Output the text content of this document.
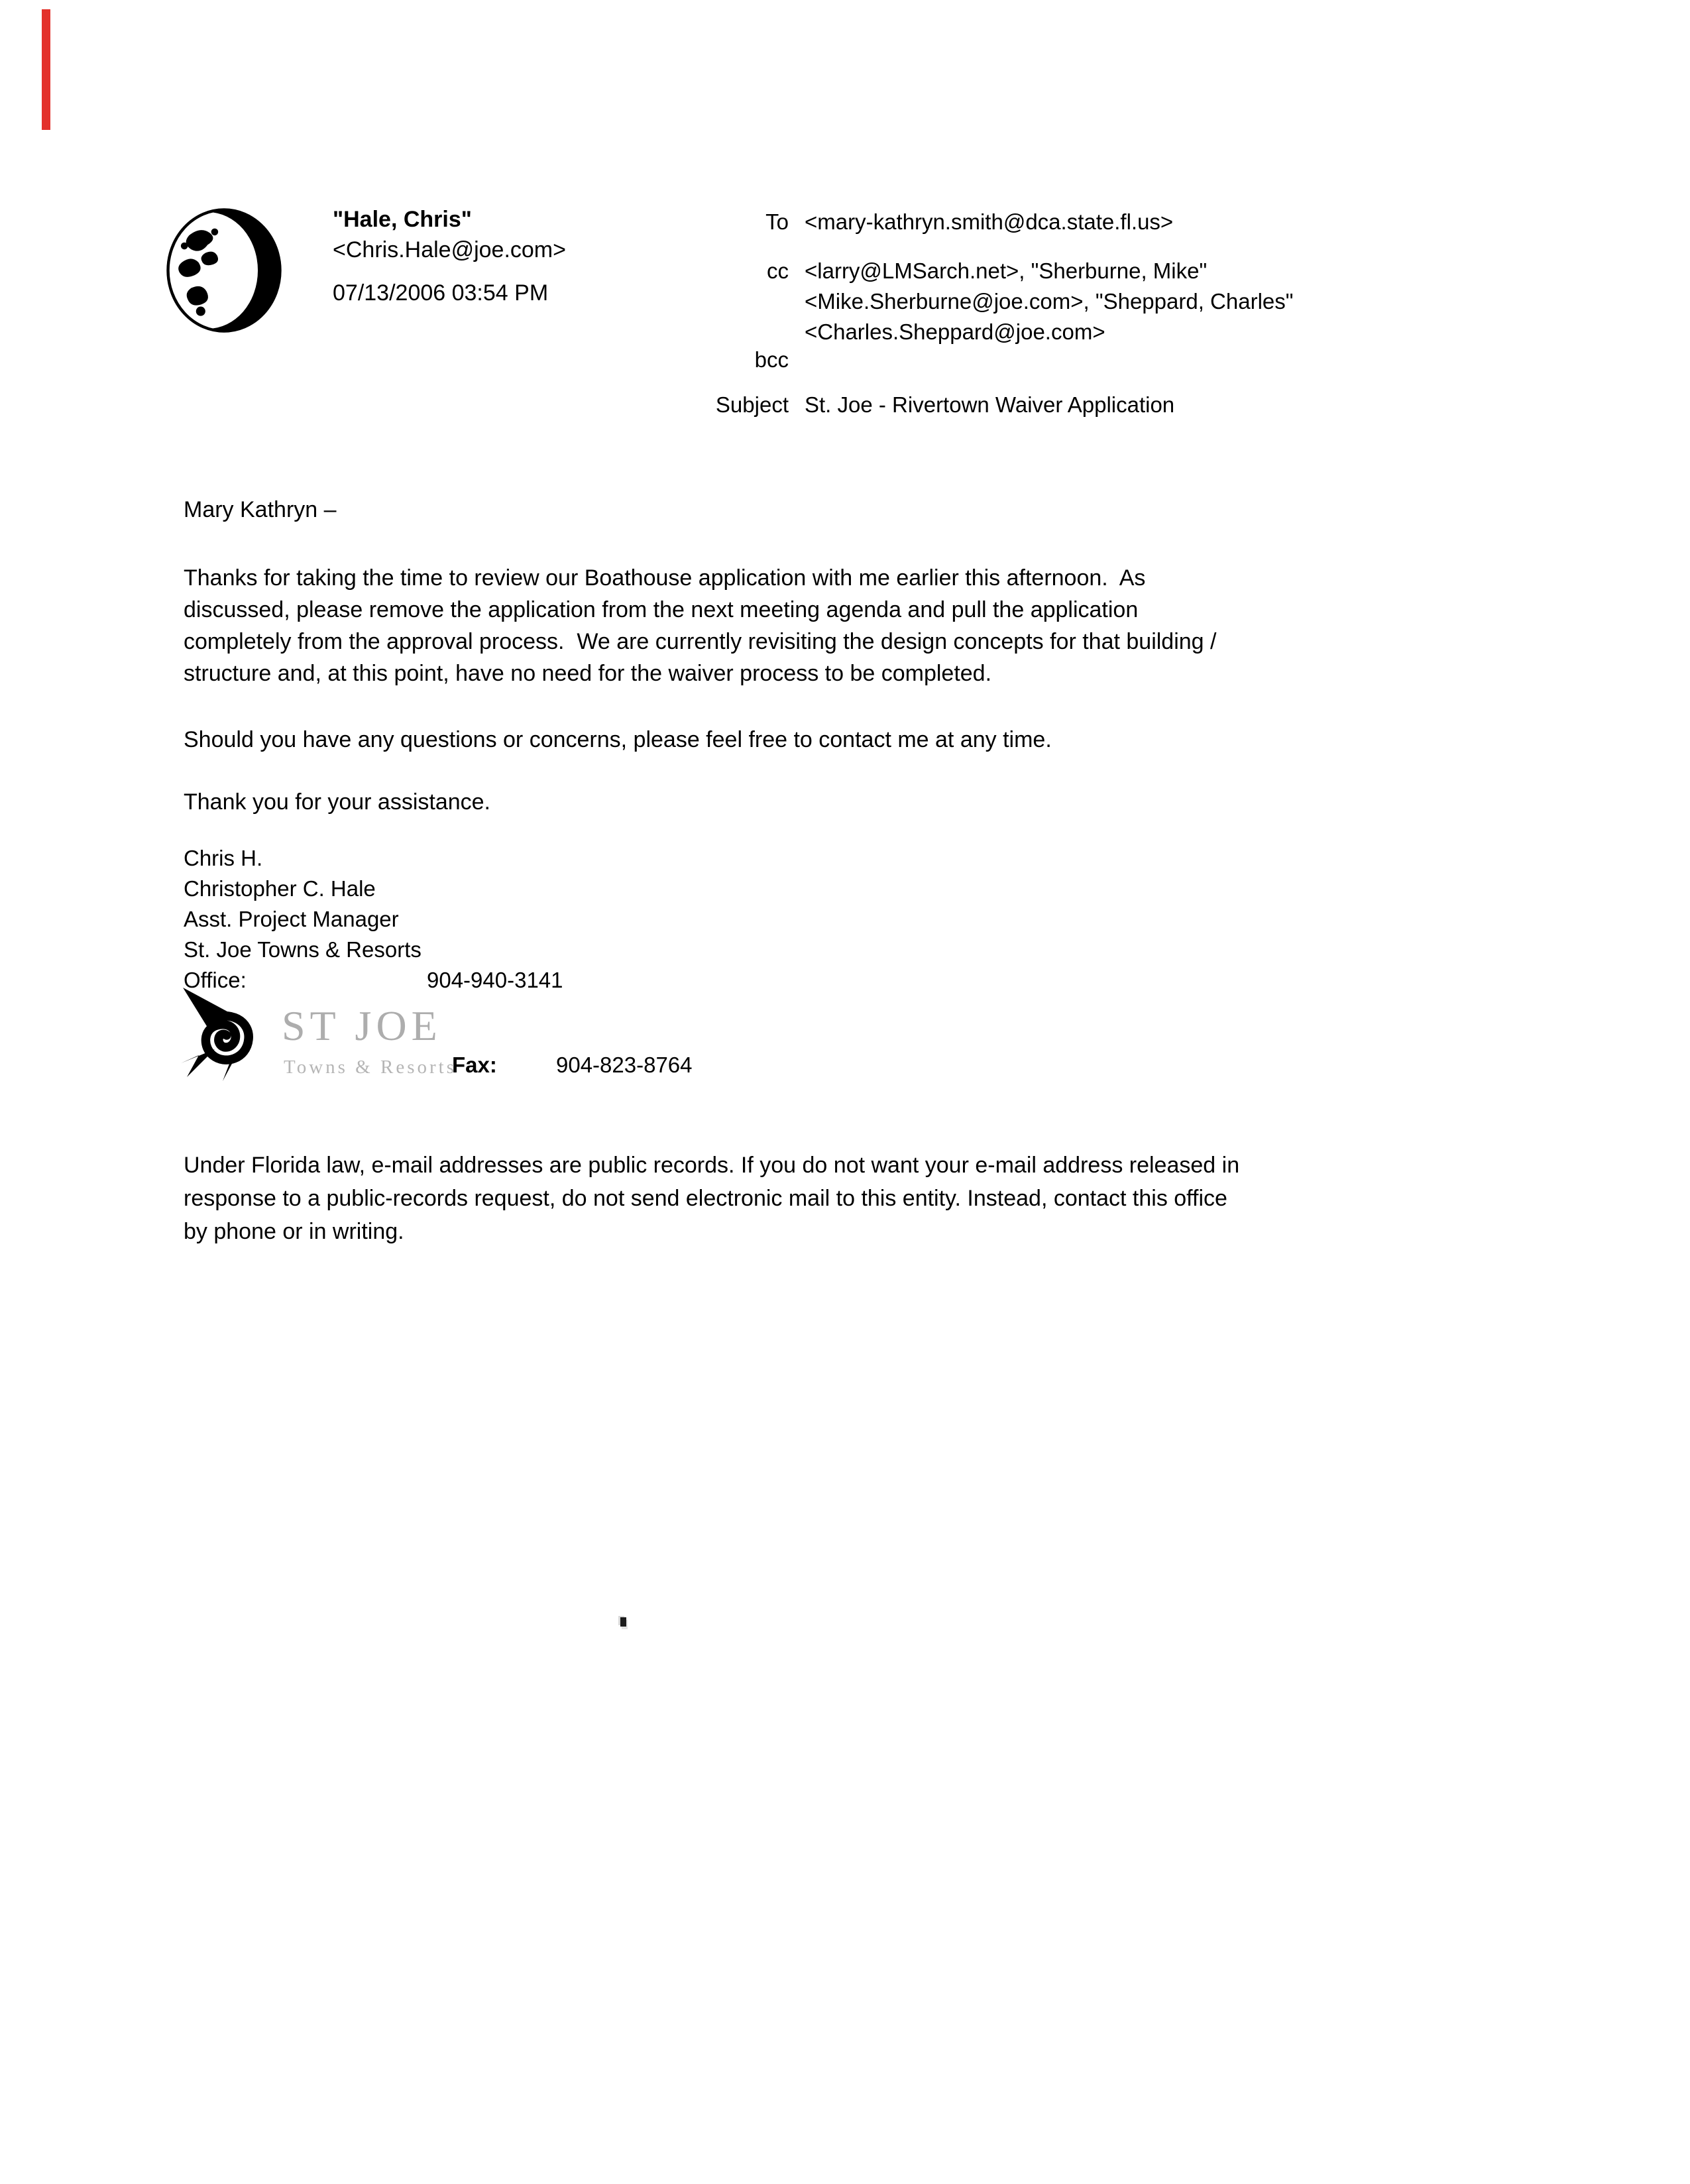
"Hale, Chris"
<Chris.Hale@joe.com>
07/13/2006 03:54 PM
To <mary-kathryn.smith@dca.state.fl.us>
cc <larry@LMSarch.net>, "Sherburne, Mike"
<Mike.Sherburne@joe.com>, "Sheppard, Charles"
<Charles.Sheppard@joe.com>
bcc
Subject St. Joe - Rivertown Waiver Application
Mary Kathryn –
Thanks for taking the time to review our Boathouse application with me earlier this afternoon.  As
discussed, please remove the application from the next meeting agenda and pull the application
completely from the approval process.  We are currently revisiting the design concepts for that building /
structure and, at this point, have no need for the waiver process to be completed.
Should you have any questions or concerns, please feel free to contact me at any time.
Thank you for your assistance.
Chris H.
Christopher C. Hale
Asst. Project Manager
St. Joe Towns & Resorts
Office:	904-940-3141
ST JOE
Towns & Resorts
Fax:	904-823-8764
Under Florida law, e-mail addresses are public records. If you do not want your e-mail address released in
response to a public-records request, do not send electronic mail to this entity. Instead, contact this office
by phone or in writing.
